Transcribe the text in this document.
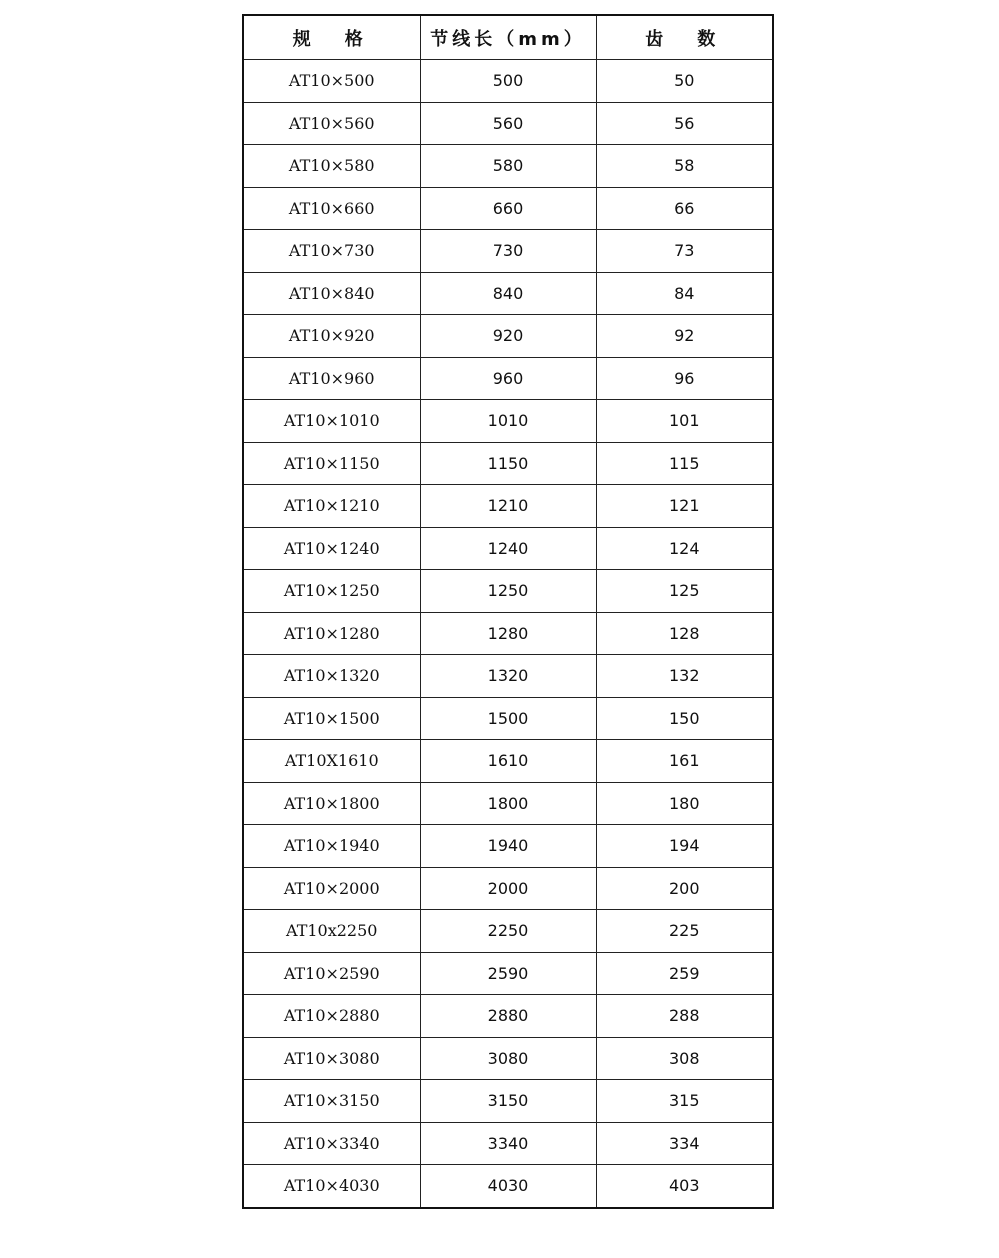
规　格	节线长（mm）	齿　数
AT10×500	500	50
AT10×560	560	56
AT10×580	580	58
AT10×660	660	66
AT10×730	730	73
AT10×840	840	84
AT10×920	920	92
AT10×960	960	96
AT10×1010	1010	101
AT10×1150	1150	115
AT10×1210	1210	121
AT10×1240	1240	124
AT10×1250	1250	125
AT10×1280	1280	128
AT10×1320	1320	132
AT10×1500	1500	150
AT10X1610	1610	161
AT10×1800	1800	180
AT10×1940	1940	194
AT10×2000	2000	200
AT10x2250	2250	225
AT10×2590	2590	259
AT10×2880	2880	288
AT10×3080	3080	308
AT10×3150	3150	315
AT10×3340	3340	334
AT10×4030	4030	403
